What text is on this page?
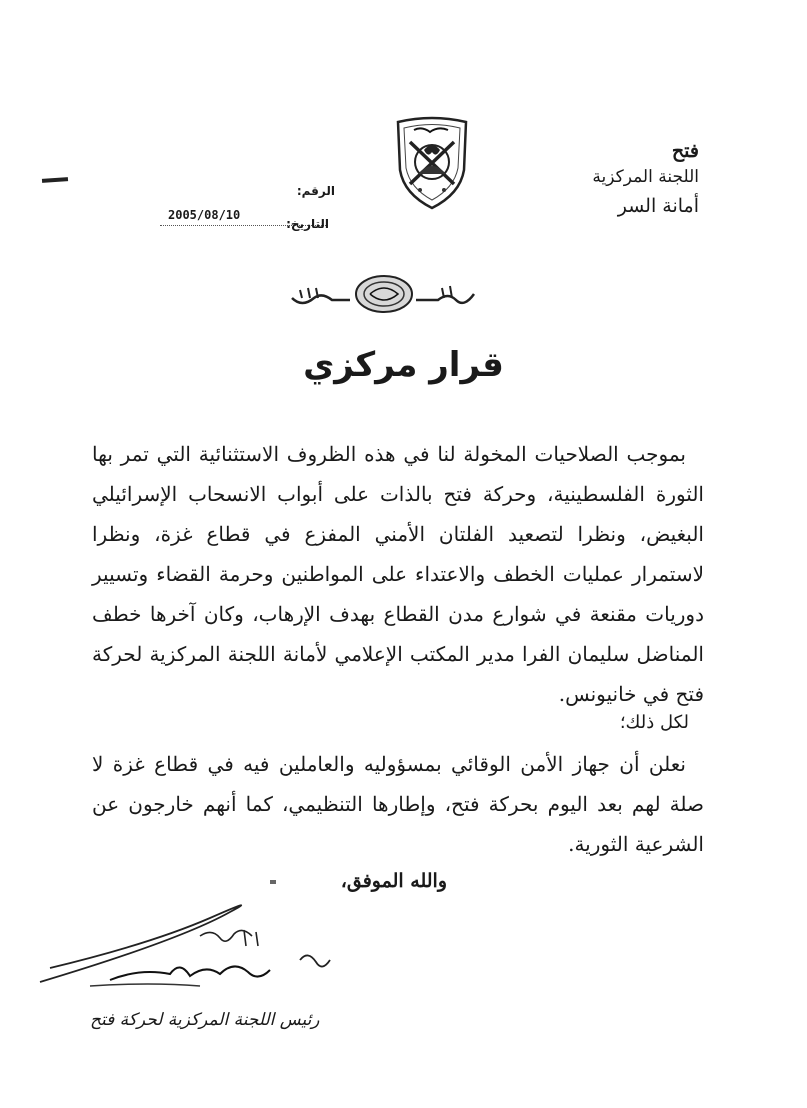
فتح
اللجنة المركزية
أمانة السر
الرقم:
2005/08/10
التاريخ:
قرار مركزي
بموجب الصلاحيات المخولة لنا في هذه الظروف الاستثنائية التي تمر بها الثورة الفلسطينية، وحركة فتح بالذات على أبواب الانسحاب الإسرائيلي البغيض، ونظرا لتصعيد الفلتان الأمني المفزع في قطاع غزة، ونظرا لاستمرار عمليات الخطف والاعتداء على المواطنين وحرمة القضاء وتسيير دوريات مقنعة في شوارع مدن القطاع بهدف الإرهاب، وكان آخرها خطف المناضل سليمان الفرا مدير المكتب الإعلامي لأمانة اللجنة المركزية لحركة فتح في خانيونس.
لكل ذلك؛
نعلن أن جهاز الأمن الوقائي بمسؤوليه والعاملين فيه في قطاع غزة لا صلة لهم بعد اليوم بحركة فتح، وإطارها التنظيمي، كما أنهم خارجون عن الشرعية الثورية.
والله الموفق،
رئيس اللجنة المركزية لحركة فتح
